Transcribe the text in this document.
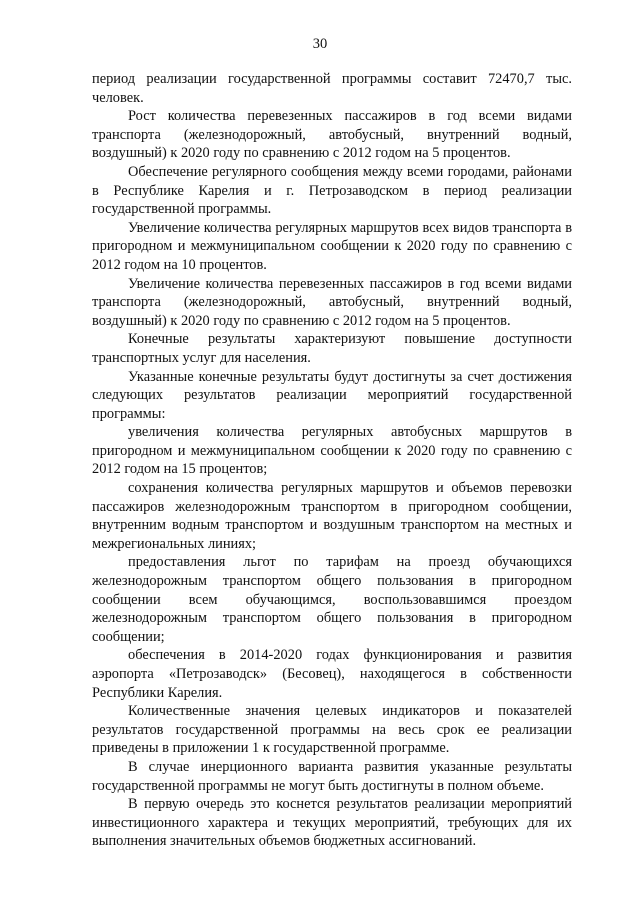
30

период реализации государственной программы составит 72470,7 тыс. человек.

Рост количества перевезенных пассажиров в год всеми видами транспорта (железнодорожный, автобусный, внутренний водный, воздушный) к 2020 году по сравнению с 2012 годом на 5 процентов.

Обеспечение регулярного сообщения между всеми городами, районами в Республике Карелия и г. Петрозаводском в период реализации государственной программы.

Увеличение количества регулярных маршрутов всех видов транспорта в пригородном и межмуниципальном сообщении к 2020 году по сравнению с 2012 годом на 10 процентов.

Увеличение количества перевезенных пассажиров в год всеми видами транспорта (железнодорожный, автобусный, внутренний водный, воздушный) к 2020 году по сравнению с 2012 годом на 5 процентов.

Конечные результаты характеризуют повышение доступности транспортных услуг для населения.

Указанные конечные результаты будут достигнуты за счет достижения следующих результатов реализации мероприятий государственной программы:

увеличения количества регулярных автобусных маршрутов в пригородном и межмуниципальном сообщении к 2020 году по сравнению с 2012 годом на 15 процентов;

сохранения количества регулярных маршрутов и объемов перевозки пассажиров железнодорожным транспортом в пригородном сообщении, внутренним водным транспортом и воздушным транспортом на местных и межрегиональных линиях;

предоставления льгот по тарифам на проезд обучающихся железнодорожным транспортом общего пользования в пригородном сообщении всем обучающимся, воспользовавшимся проездом железнодорожным транспортом общего пользования в пригородном сообщении;

обеспечения в 2014-2020 годах функционирования и развития аэропорта «Петрозаводск» (Бесовец), находящегося в собственности Республики Карелия.

Количественные значения целевых индикаторов и показателей результатов государственной программы на весь срок ее реализации приведены в приложении 1 к государственной программе.

В случае инерционного варианта развития указанные результаты государственной программы не могут быть достигнуты в полном объеме.

В первую очередь это коснется результатов реализации мероприятий инвестиционного характера и текущих мероприятий, требующих для их выполнения значительных объемов бюджетных ассигнований.
